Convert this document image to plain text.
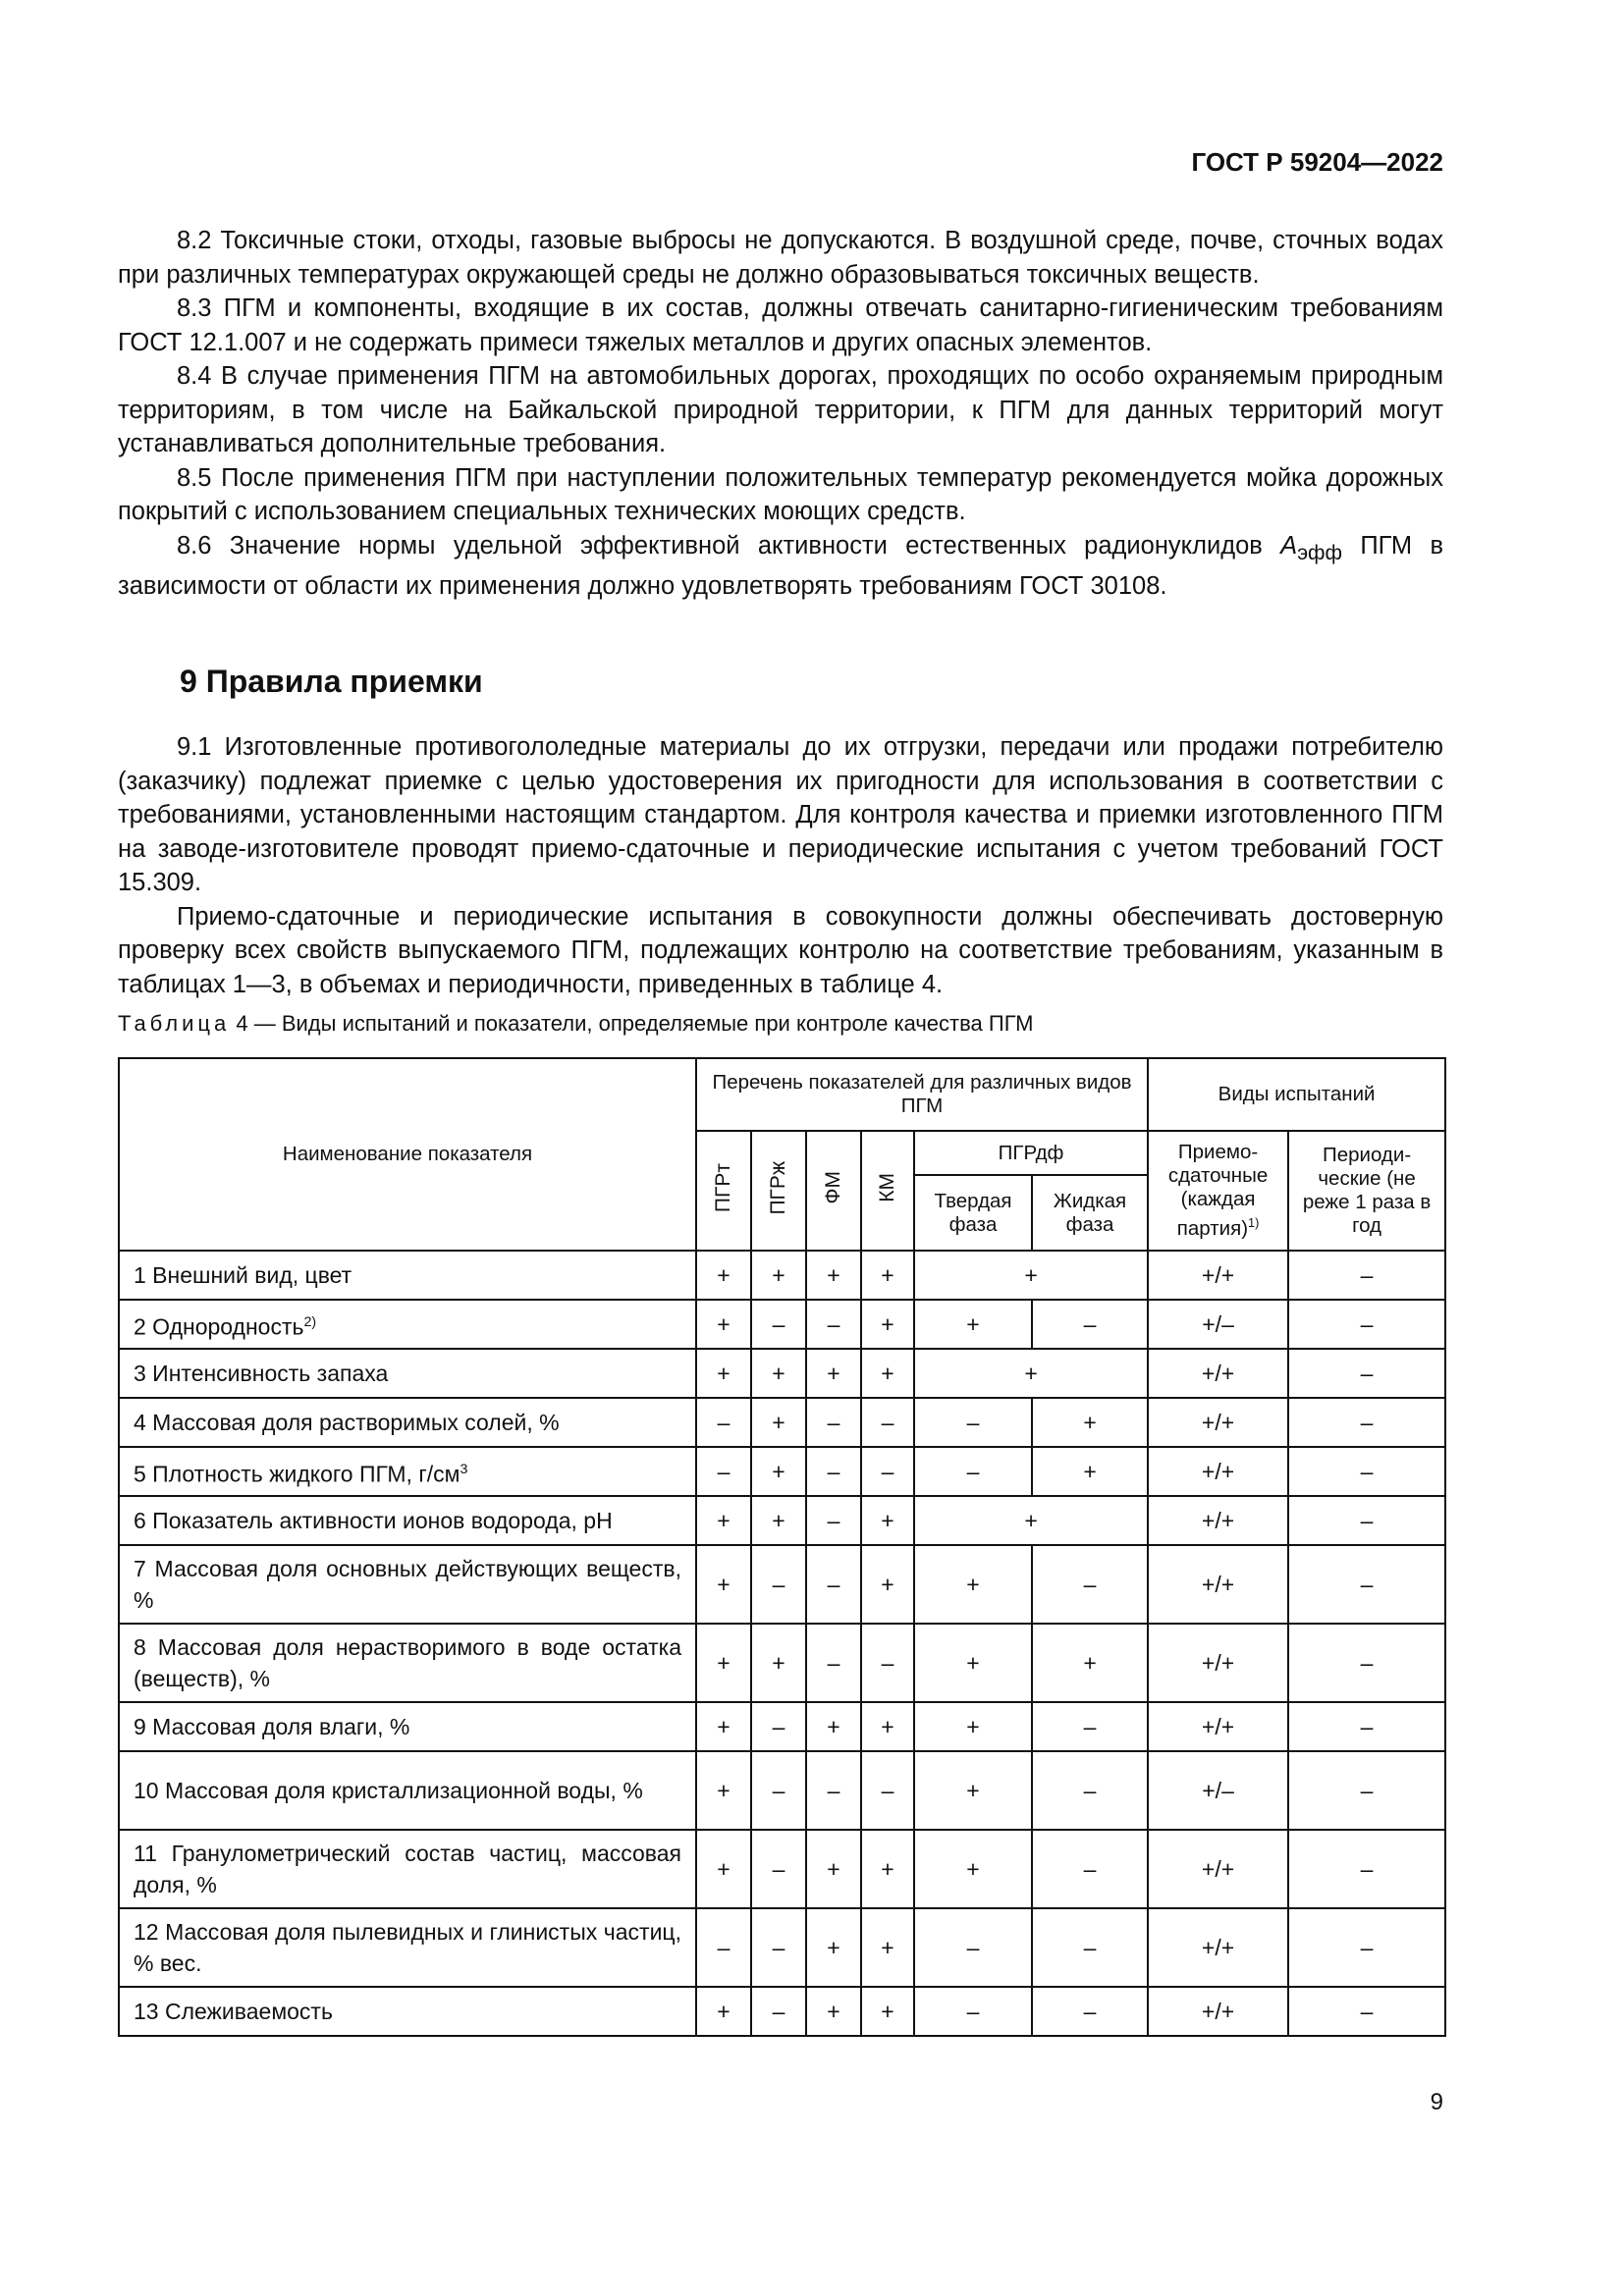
ГОСТ Р 59204—2022

8.2 Токсичные стоки, отходы, газовые выбросы не допускаются. В воздушной среде, почве, сточных водах при различных температурах окружающей среды не должно образовываться токсичных веществ.

8.3 ПГМ и компоненты, входящие в их состав, должны отвечать санитарно-гигиеническим требованиям ГОСТ 12.1.007 и не содержать примеси тяжелых металлов и других опасных элементов.

8.4 В случае применения ПГМ на автомобильных дорогах, проходящих по особо охраняемым природным территориям, в том числе на Байкальской природной территории, к ПГМ для данных территорий могут устанавливаться дополнительные требования.

8.5 После применения ПГМ при наступлении положительных температур рекомендуется мойка дорожных покрытий с использованием специальных технических моющих средств.

8.6 Значение нормы удельной эффективной активности естественных радионуклидов $A_{эфф}$ ПГМ в зависимости от области их применения должно удовлетворять требованиям ГОСТ 30108.

9 Правила приемки

9.1 Изготовленные противогололедные материалы до их отгрузки, передачи или продажи потребителю (заказчику) подлежат приемке с целью удостоверения их пригодности для использования в соответствии с требованиями, установленными настоящим стандартом. Для контроля качества и приемки изготовленного ПГМ на заводе-изготовителе проводят приемо-сдаточные и периодические испытания с учетом требований ГОСТ 15.309.

Приемо-сдаточные и периодические испытания в совокупности должны обеспечивать достоверную проверку всех свойств выпускаемого ПГМ, подлежащих контролю на соответствие требованиям, указанным в таблицах 1—3, в объемах и периодичности, приведенных в таблице 4.

Таблица 4 — Виды испытаний и показатели, определяемые при контроле качества ПГМ
Наименование показателя	Перечень показателей для различных видов ПГМ						Виды испытаний	
	ПГРт	ПГРж	ФМ	КМ	ПГРдф		Приемо-сдаточные (каждая партия)$^{1)}$	Периоди-ческие (не реже 1 раза в год
					Твердая фаза	Жидкая фаза		
1 Внешний вид, цвет	+	+	+	+	+		+/+	–
2 Однородность$^{2)}$	+	–	–	+	+	–	+/–	–
3 Интенсивность запаха	+	+	+	+	+		+/+	–
4 Массовая доля растворимых солей, %	–	+	–	–	–	+	+/+	–
5 Плотность жидкого ПГМ, $г/см^3$	–	+	–	–	–	+	+/+	–
6 Показатель активности ионов водорода, pH	+	+	–	+	+		+/+	–
7 Массовая доля основных действующих веществ, %	+	–	–	+	+	–	+/+	–
8 Массовая доля нерастворимого в воде остатка (веществ), %	+	+	–	–	+	+	+/+	–
9 Массовая доля влаги, %	+	–	+	+	+	–	+/+	–
10 Массовая доля кристаллизационной воды, %	+	–	–	–	+	–	+/–	–
11 Гранулометрический состав частиц, массовая доля, %	+	–	+	+	+	–	+/+	–
12 Массовая доля пылевидных и глинистых частиц, % вес.	–	–	+	+	–	–	+/+	–
13 Слеживаемость	+	–	+	+	–	–	+/+	–
9
